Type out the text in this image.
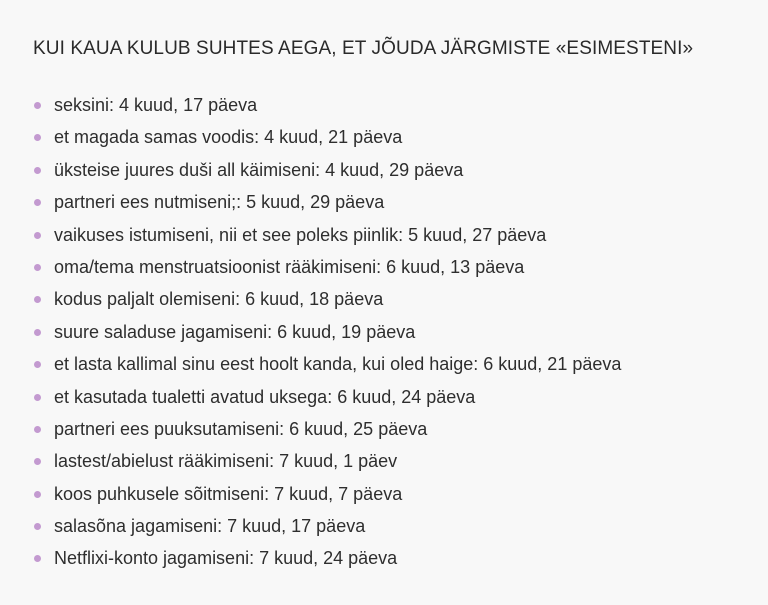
KUI KAUA KULUB SUHTES AEGA, ET JÕUDA JÄRGMISTE «ESIMESTENI»
seksini: 4 kuud, 17 päeva
et magada samas voodis: 4 kuud, 21 päeva
üksteise juures duši all käimiseni: 4 kuud, 29 päeva
partneri ees nutmiseni;: 5 kuud, 29 päeva
vaikuses istumiseni, nii et see poleks piinlik: 5 kuud, 27 päeva
oma/tema menstruatsioonist rääkimiseni: 6 kuud, 13 päeva
kodus paljalt olemiseni: 6 kuud, 18 päeva
suure saladuse jagamiseni: 6 kuud, 19 päeva
et lasta kallimal sinu eest hoolt kanda, kui oled haige: 6 kuud, 21 päeva
et kasutada tualetti avatud uksega: 6 kuud, 24 päeva
partneri ees puuksutamiseni: 6 kuud, 25 päeva
lastest/abielust rääkimiseni: 7 kuud, 1 päev
koos puhkusele sõitmiseni: 7 kuud, 7 päeva
salasõna jagamiseni: 7 kuud, 17 päeva
Netflixi-konto jagamiseni: 7 kuud, 24 päeva
